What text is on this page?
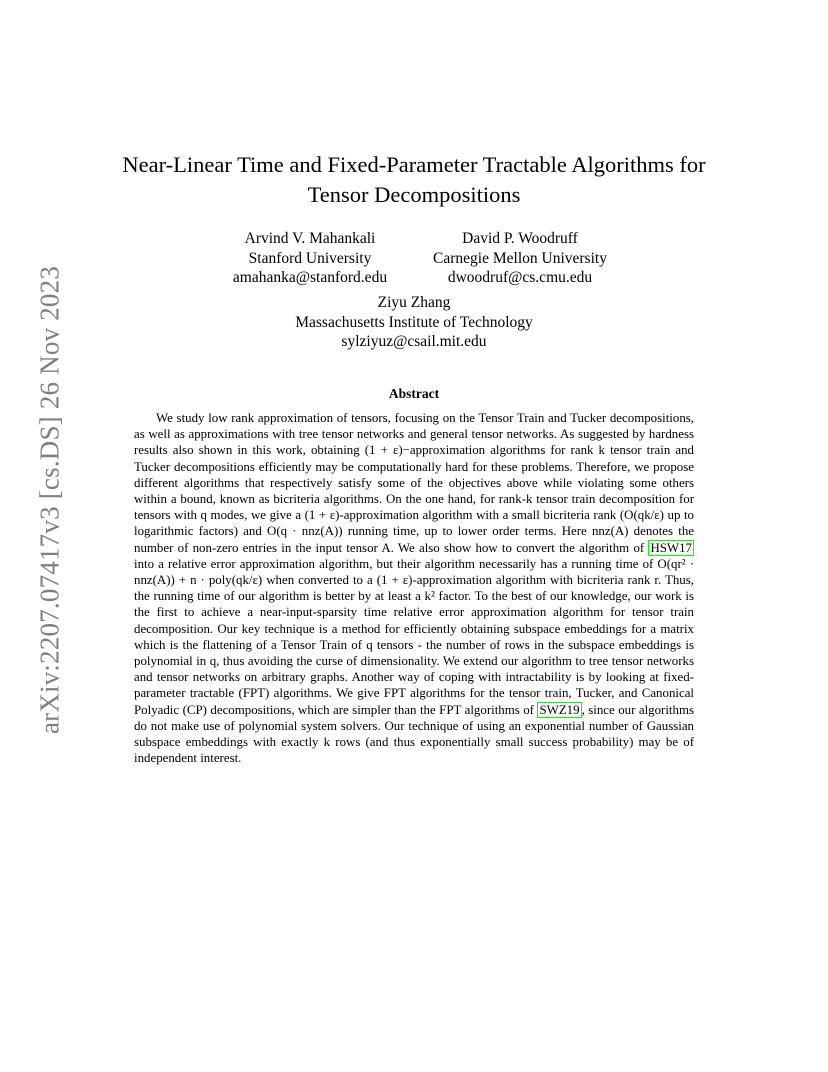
arXiv:2207.07417v3 [cs.DS] 26 Nov 2023
Near-Linear Time and Fixed-Parameter Tractable Algorithms for
Tensor Decompositions
Arvind V. Mahankali
Stanford University
amahanka@stanford.edu
David P. Woodruff
Carnegie Mellon University
dwoodruf@cs.cmu.edu
Ziyu Zhang
Massachusetts Institute of Technology
sylziyuz@csail.mit.edu
Abstract
We study low rank approximation of tensors, focusing on the Tensor Train and Tucker decompositions, as well as approximations with tree tensor networks and general tensor networks. As suggested by hardness results also shown in this work, obtaining (1 + ε)−approximation algorithms for rank k tensor train and Tucker decompositions efficiently may be computationally hard for these problems. Therefore, we propose different algorithms that respectively satisfy some of the objectives above while violating some others within a bound, known as bicriteria algorithms. On the one hand, for rank-k tensor train decomposition for tensors with q modes, we give a (1 + ε)-approximation algorithm with a small bicriteria rank (O(qk/ε) up to logarithmic factors) and O(q · nnz(A)) running time, up to lower order terms. Here nnz(A) denotes the number of non-zero entries in the input tensor A. We also show how to convert the algorithm of HSW17 into a relative error approximation algorithm, but their algorithm necessarily has a running time of O(qr² · nnz(A)) + n · poly(qk/ε) when converted to a (1 + ε)-approximation algorithm with bicriteria rank r. Thus, the running time of our algorithm is better by at least a k² factor. To the best of our knowledge, our work is the first to achieve a near-input-sparsity time relative error approximation algorithm for tensor train decomposition. Our key technique is a method for efficiently obtaining subspace embeddings for a matrix which is the flattening of a Tensor Train of q tensors - the number of rows in the subspace embeddings is polynomial in q, thus avoiding the curse of dimensionality. We extend our algorithm to tree tensor networks and tensor networks on arbitrary graphs. Another way of coping with intractability is by looking at fixed-parameter tractable (FPT) algorithms. We give FPT algorithms for the tensor train, Tucker, and Canonical Polyadic (CP) decompositions, which are simpler than the FPT algorithms of SWZ19 , since our algorithms do not make use of polynomial system solvers. Our technique of using an exponential number of Gaussian subspace embeddings with exactly k rows (and thus exponentially small success probability) may be of independent interest.
